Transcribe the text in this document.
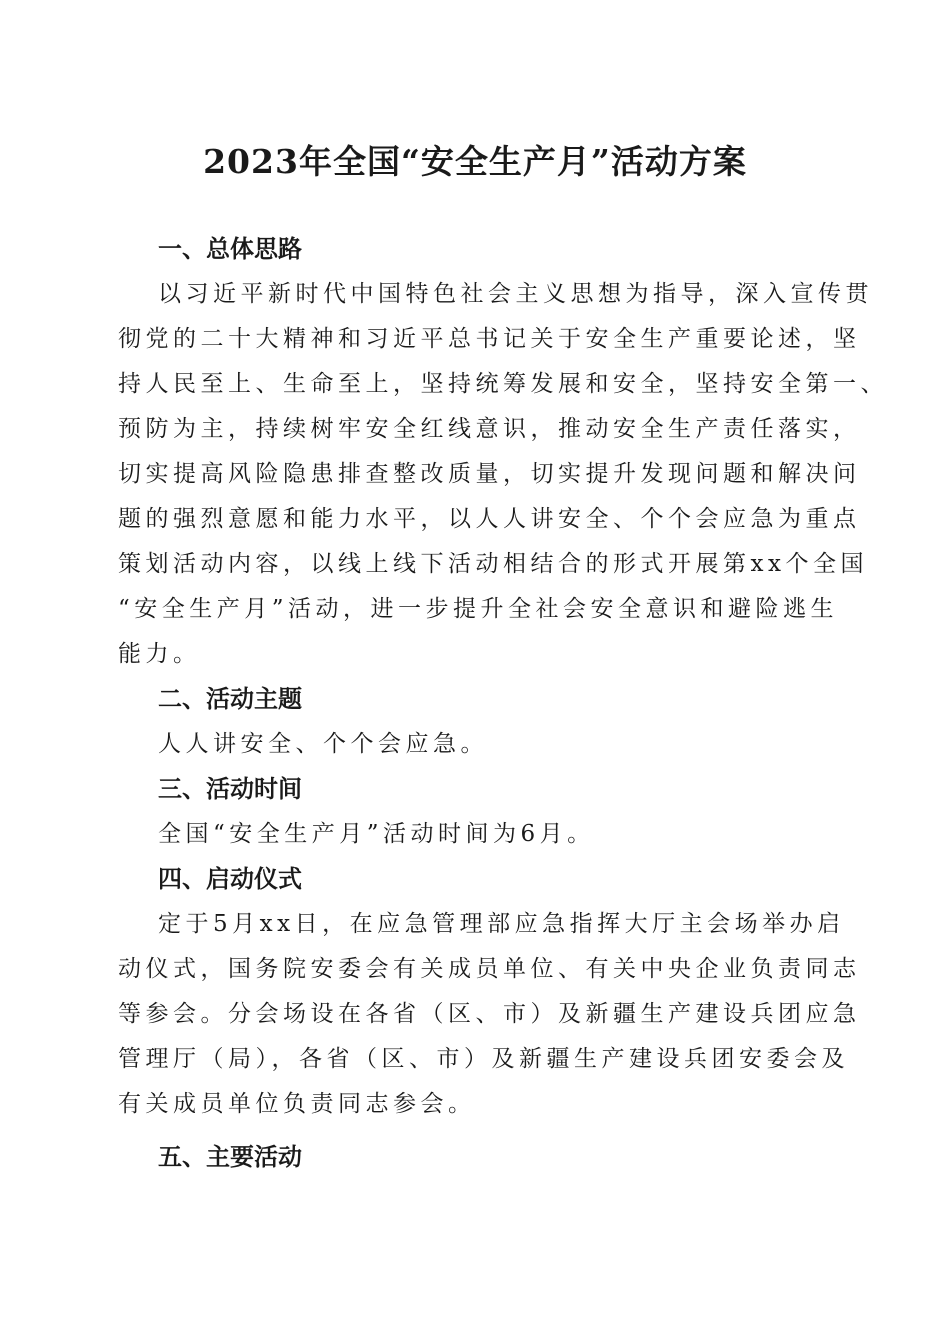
2023年全国“安全生产月”活动方案
一、总体思路
以习近平新时代中国特色社会主义思想为指导，深入宣传贯
彻党的二十大精神和习近平总书记关于安全生产重要论述，坚
持人民至上、生命至上，坚持统筹发展和安全，坚持安全第一、
预防为主，持续树牢安全红线意识，推动安全生产责任落实，
切实提高风险隐患排查整改质量，切实提升发现问题和解决问
题的强烈意愿和能力水平，以人人讲安全、个个会应急为重点
策划活动内容，以线上线下活动相结合的形式开展第xx个全国
“安全生产月”活动，进一步提升全社会安全意识和避险逃生
能力。
二、活动主题
人人讲安全、个个会应急。
三、活动时间
全国“安全生产月”活动时间为6月。
四、启动仪式
定于5月xx日，在应急管理部应急指挥大厅主会场举办启
动仪式，国务院安委会有关成员单位、有关中央企业负责同志
等参会。分会场设在各省（区、市）及新疆生产建设兵团应急
管理厅（局），各省（区、市）及新疆生产建设兵团安委会及
有关成员单位负责同志参会。
五、主要活动
